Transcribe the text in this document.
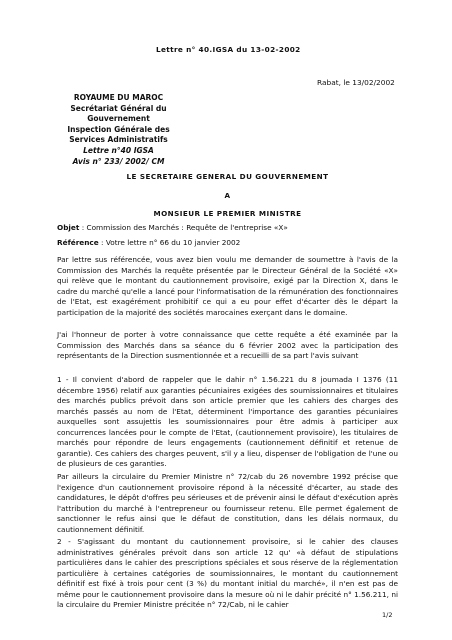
Lettre n° 40.IGSA du 13-02-2002
ROYAUME DU MAROC
Secrétariat Général du
Gouvernement
Inspection Générale des
Services Administratifs
Lettre n°40 IGSA
Avis n° 233/ 2002/ CM
Rabat, le 13/02/2002
LE SECRETAIRE GENERAL DU GOUVERNEMENT
A
MONSIEUR LE PREMIER MINISTRE
Objet : Commission des Marchés : Requête de l'entreprise «X»
Référence : Votre lettre n° 66 du 10 janvier 2002
Par lettre sus référencée, vous avez bien voulu me demander de soumettre à l'avis de la Commission des Marchés la requête présentée par le Directeur Général de la Société «X» qui relève que le montant du cautionnement provisoire, exigé par la Direction X, dans le cadre du marché qu'elle a lancé pour l'informatisation de la rémunération des fonctionnaires de l'Etat, est exagérément prohibitif ce qui a eu pour effet d'écarter dès le départ la participation de la majorité des sociétés marocaines exerçant dans le domaine.
J'ai l'honneur de porter à votre connaissance que cette requête a été examinée par la Commission des Marchés dans sa séance du 6 février 2002 avec la participation des représentants de la Direction susmentionnée et a recueilli de sa part l'avis suivant
1 - Il convient d'abord de rappeler que le dahir n° 1.56.221 du 8 joumada I 1376 (11 décembre 1956) relatif aux garanties pécuniaires exigées des soumissionnaires et titulaires des marchés publics prévoit dans son article premier que les cahiers des charges des marchés passés au nom de l'Etat, déterminent l'importance des garanties pécuniaires auxquelles sont assujettis les soumissionnaires pour être admis à participer aux concurrences lancées pour le compte de l'Etat, (cautionnement provisoire), les titulaires de marchés pour répondre de leurs engagements (cautionnement définitif et retenue de garantie). Ces cahiers des charges peuvent, s'il y a lieu, dispenser de l'obligation de l'une ou de plusieurs de ces garanties.
Par ailleurs la circulaire du Premier Ministre n° 72/cab du 26 novembre 1992 précise que l'exigence d'un cautionnement provisoire répond à la nécessité d'écarter, au stade des candidatures, le dépôt d'offres peu sérieuses et de prévenir ainsi le défaut d'exécution après l'attribution du marché à l'entrepreneur ou fournisseur retenu. Elle permet également de sanctionner le refus ainsi que le défaut de constitution, dans les délais normaux, du cautionnement définitif.
2 - S'agissant du montant du cautionnement provisoire, si le cahier des clauses administratives générales prévoit dans son article 12 qu' «à défaut de stipulations particulières dans le cahier des prescriptions spéciales et sous réserve de la réglementation particulière à certaines catégories de soumissionnaires, le montant du cautionnement définitif est fixé à trois pour cent (3 %) du montant initial du marché», il n'en est pas de même pour le cautionnement provisoire dans la mesure où ni le dahir précité n° 1.56.211, ni la circulaire du Premier Ministre précitée n° 72/Cab, ni le cahier
1/2
